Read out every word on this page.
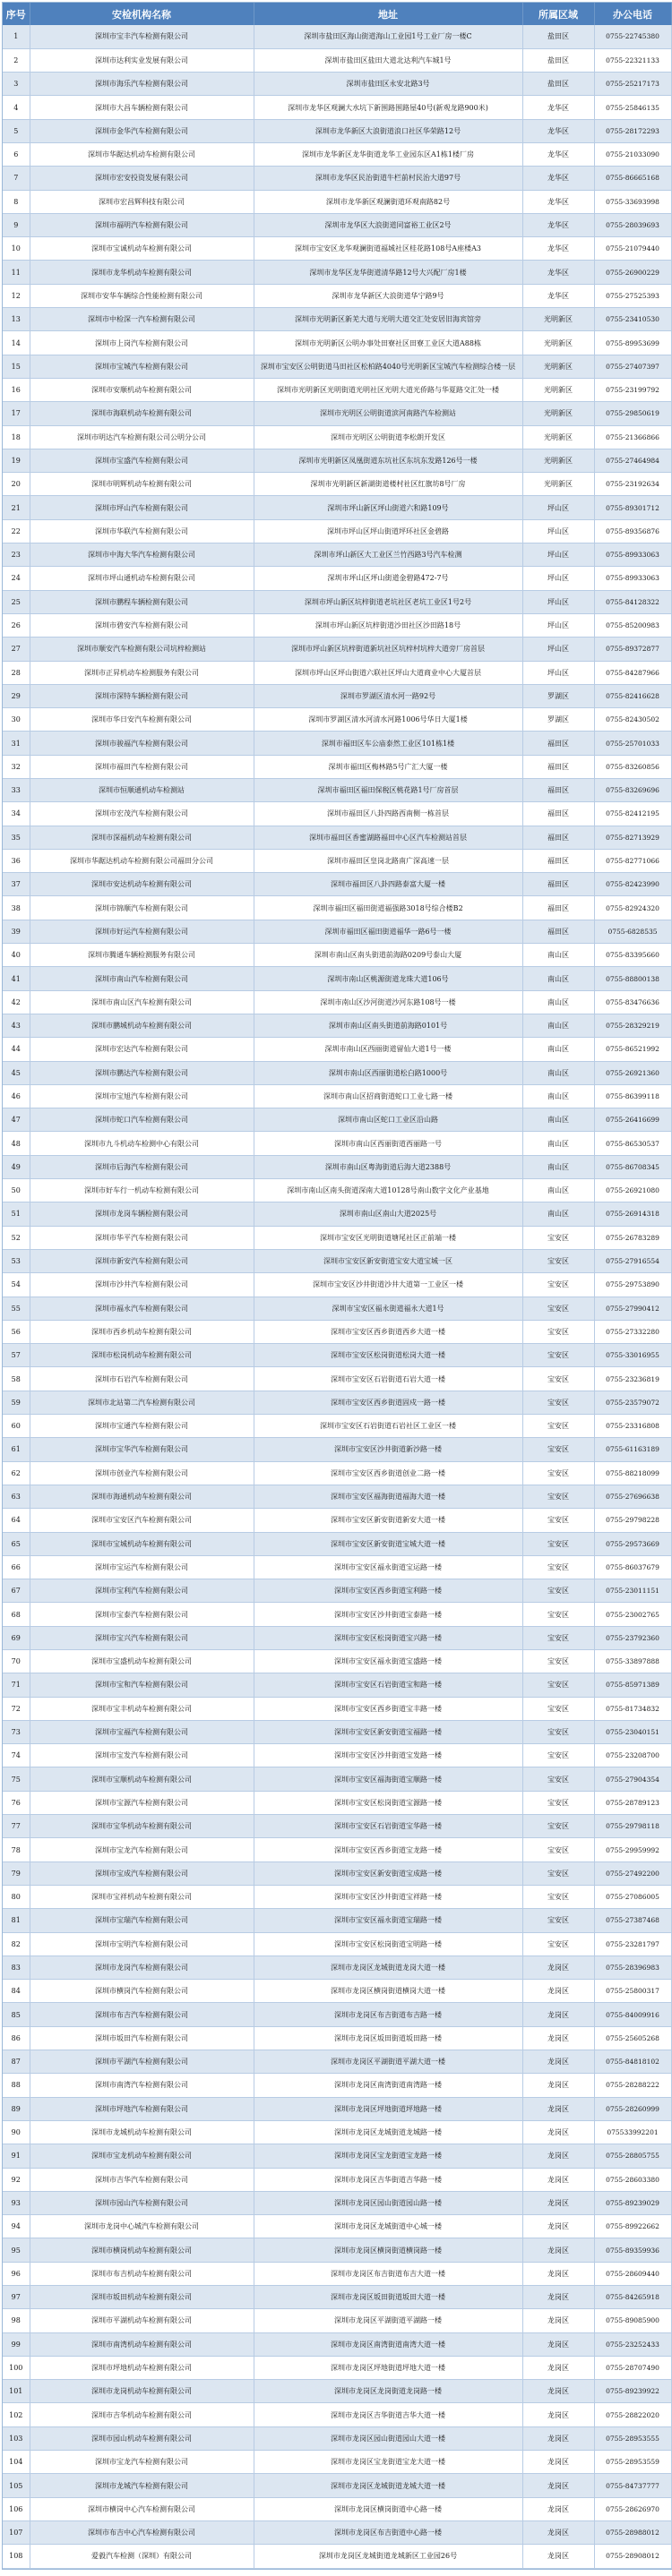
序号	安检机构名称	地址	所属区域	办公电话
1	深圳市宝丰汽车检测有限公司	深圳市盐田区海山街道海山工业园1号工业厂房一楼C	盐田区	0755-22745380
2	深圳市达利实业发展有限公司	深圳市盐田区盐田大道北达利汽车城1号	盐田区	0755-22321133
3	深圳市海乐汽车检测有限公司	深圳市盐田区永安北路3号	盐田区	0755-25217173
4	深圳市大昌车辆检测有限公司	深圳市龙华区观澜大水坑下新围路围路屋40号(新观龙路900米)	龙华区	0755-25846135
5	深圳市金华汽车检测有限公司	深圳市龙华新区大浪街道浪口社区华荣路12号	龙华区	0755-28172293
6	深圳市华踞达机动车检测有限公司	深圳市龙华新区龙华街道龙华工业园东区A1栋1楼厂房	龙华区	0755-21033090
7	深圳市宏安投资发展有限公司	深圳市龙华区民治街道牛栏前村民治大道97号	龙华区	0755-86665168
8	深圳市宏昌辉科技有限公司	深圳市龙华新区观澜街道环观南路82号	龙华区	0755-33693998
9	深圳市福明汽车检测有限公司	深圳市龙华区大浪街道同富裕工业区2号	龙华区	0755-28039693
10	深圳市宝诚机动车检测有限公司	深圳市宝安区龙华观澜街道福城社区桂花路108号A座楼A3	龙华区	0755-21079440
11	深圳市龙华机动车检测有限公司	深圳市龙华区龙华街道清华路12号大兴配厂房1楼	龙华区	0755-26900229
12	深圳市安华车辆综合性能检测有限公司	深圳市龙华新区大浪街道华宁路9号	龙华区	0755-27525393
13	深圳市中检深一汽车检测有限公司	深圳市光明新区新羌大道与光明大道交汇处安居旧海宾馆旁	光明新区	0755-23410530
14	深圳市上岗汽车检测有限公司	深圳市光明新区公明办事处田寮社区田寮工业区大道A88栋	光明新区	0755-89953699
15	深圳市宝城汽车检测有限公司	深圳市宝安区公明街道马田社区松柏路4040号光明新区宝城汽车检测综合楼一层	光明新区	0755-27407397
16	深圳市安顺机动车检测有限公司	深圳市光明新区光明街道光明社区光明大道光侨路与华夏路交汇处一楼	光明新区	0755-23199792
17	深圳市海联机动车检测有限公司	深圳市光明区公明街道滨河南路汽车检测站	光明新区	0755-29850619
18	深圳市明达汽车检测有限公司公明分公司	深圳市光明区公明街道李松朗开发区	光明新区	0755-21366866
19	深圳市宝盛汽车检测有限公司	深圳市光明新区凤凰街道东坑社区东坑东发路126号一楼	光明新区	0755-27464984
20	深圳市明辉机动车检测有限公司	深圳市光明新区新湖街道楼村社区红旗坊8号厂房	光明新区	0755-23192634
21	深圳市坪山汽车检测有限公司	深圳市坪山新区坪山街道六和路109号	坪山区	0755-89301712
22	深圳市华联汽车检测有限公司	深圳市坪山区坪山街道坪环社区金碧路	坪山区	0755-89356876
23	深圳市中海大华汽车检测有限公司	深圳市坪山新区大工业区兰竹西路3号汽车检测	坪山区	0755-89933063
24	深圳市坪山通机动车检测有限公司	深圳市坪山区坪山街道金碧路472-7号	坪山区	0755-89933063
25	深圳市鹏程车辆检测有限公司	深圳市坪山新区坑梓街道老坑社区老坑工业区1号2号	坪山区	0755-84128322
26	深圳市碧安汽车检测有限公司	深圳市坪山新区坑梓街道沙田社区沙田路18号	坪山区	0755-85200983
27	深圳市顺安汽车检测有限公司坑梓检测站	深圳市坪山新区坑梓街道新坑社区坑梓村坑梓大道旁厂房首层	坪山区	0755-89372877
28	深圳市正昇机动车检测服务有限公司	深圳市坪山区坪山街道六联社区坪山大道商业中心大厦首层	坪山区	0755-84287966
29	深圳市深特车辆检测有限公司	深圳市罗湖区清水河一路92号	罗湖区	0755-82416628
30	深圳市华日安汽车检测有限公司	深圳市罗湖区清水河清水河路1006号华日大厦1楼	罗湖区	0755-82430502
31	深圳市骏福汽车检测有限公司	深圳市福田区车公庙泰然工业区101栋1楼	福田区	0755-25701033
32	深圳市福田汽车检测有限公司	深圳市福田区梅林路5号广汇大厦一楼	福田区	0755-83260856
33	深圳市恒顺通机动车检测站	深圳市福田区福田保税区桃花路1号厂房首层	福田区	0755-83269696
34	深圳市宏茂汽车检测有限公司	深圳市福田区八卦四路西南侧一栋首层	福田区	0755-82412195
35	深圳市深福机动车检测有限公司	深圳市福田区香蜜湖路福田中心区汽车检测站首层	福田区	0755-82713929
36	深圳市华踞达机动车检测有限公司福田分公司	深圳市福田区皇岗北路南广深高速一层	福田区	0755-82771066
37	深圳市安达机动车检测有限公司	深圳市福田区八卦四路泰富大厦一楼	福田区	0755-82423990
38	深圳市锦顺汽车检测有限公司	深圳市福田区福田街道福强路3018号综合楼B2	福田区	0755-82924320
39	深圳市好运汽车检测有限公司	深圳市福田区福田街道福华一路6号一楼	福田区	0755-6828535
40	深圳市腾通车辆检测服务有限公司	深圳市南山区南头街道前海路0209号泰山大厦	南山区	0755-83395660
41	深圳市南山汽车检测有限公司	深圳市南山区桃源街道龙珠大道106号	南山区	0755-88800138
42	深圳市南山区汽车检测有限公司	深圳市南山区沙河街道沙河东路108号一楼	南山区	0755-83476636
43	深圳市鹏城机动车检测有限公司	深圳市南山区南头街道前海路0101号	南山区	0755-28329219
44	深圳市宏达汽车检测有限公司	深圳市南山区西丽街道留仙大道1号一楼	南山区	0755-86521992
45	深圳市鹏达汽车检测有限公司	深圳市南山区西丽街道松白路1000号	南山区	0755-26921360
46	深圳市宝旭汽车检测有限公司	深圳市南山区招商街道蛇口工业七路一楼	南山区	0755-86399118
47	深圳市蛇口汽车检测有限公司	深圳市南山区蛇口工业区沿山路	南山区	0755-26416699
48	深圳市九斗机动车检测中心有限公司	深圳市南山区西丽街道西丽路一号	南山区	0755-86530537
49	深圳市后海汽车检测有限公司	深圳市南山区粤海街道后海大道2388号	南山区	0755-86708345
50	深圳市好车行一机动车检测有限公司	深圳市南山区南头街道深南大道10128号南山数字文化产业基地	南山区	0755-26921080
51	深圳市龙岗车辆检测有限公司	深圳市南山区南山大道2025号	南山区	0755-26914318
52	深圳市华平汽车检测有限公司	深圳市宝安区光明街道塘尾社区正前端一楼	宝安区	0755-26783289
53	深圳市新安汽车检测有限公司	深圳市宝安区新安街道宝安大道宝城一区	宝安区	0755-27916554
54	深圳市沙井汽车检测有限公司	深圳市宝安区沙井街道沙井大道第一工业区一楼	宝安区	0755-29753890
55	深圳市福永汽车检测有限公司	深圳市宝安区福永街道福永大道1号	宝安区	0755-27990412
56	深圳市西乡机动车检测有限公司	深圳市宝安区西乡街道西乡大道一楼	宝安区	0755-27332280
57	深圳市松岗机动车检测有限公司	深圳市宝安区松岗街道松岗大道一楼	宝安区	0755-33016955
58	深圳市石岩汽车检测有限公司	深圳市宝安区石岩街道石岩大道一楼	宝安区	0755-23236819
59	深圳市北站第二汽车检测有限公司	深圳市宝安区西乡街道固戍一路一楼	宝安区	0755-23579072
60	深圳市宝通汽车检测有限公司	深圳市宝安区石岩街道石岩社区工业区一楼	宝安区	0755-23316808
61	深圳市宝华汽车检测有限公司	深圳市宝安区沙井街道新沙路一楼	宝安区	0755-61163189
62	深圳市创业汽车检测有限公司	深圳市宝安区西乡街道创业二路一楼	宝安区	0755-88218099
63	深圳市海通机动车检测有限公司	深圳市宝安区福海街道福海大道一楼	宝安区	0755-27696638
64	深圳市宝安区汽车检测有限公司	深圳市宝安区新安街道新安大道一楼	宝安区	0755-29798228
65	深圳市宝城机动车检测有限公司	深圳市宝安区新安街道宝城大道一楼	宝安区	0755-29573669
66	深圳市宝运汽车检测有限公司	深圳市宝安区福永街道宝运路一楼	宝安区	0755-86037679
67	深圳市宝利汽车检测有限公司	深圳市宝安区西乡街道宝利路一楼	宝安区	0755-23011151
68	深圳市宝泰汽车检测有限公司	深圳市宝安区沙井街道宝泰路一楼	宝安区	0755-23002765
69	深圳市宝兴汽车检测有限公司	深圳市宝安区松岗街道宝兴路一楼	宝安区	0755-23792360
70	深圳市宝盛机动车检测有限公司	深圳市宝安区福永街道宝盛路一楼	宝安区	0755-33897888
71	深圳市宝和汽车检测有限公司	深圳市宝安区石岩街道宝和路一楼	宝安区	0755-85971389
72	深圳市宝丰机动车检测有限公司	深圳市宝安区西乡街道宝丰路一楼	宝安区	0755-81734832
73	深圳市宝福汽车检测有限公司	深圳市宝安区新安街道宝福路一楼	宝安区	0755-23040151
74	深圳市宝发汽车检测有限公司	深圳市宝安区沙井街道宝发路一楼	宝安区	0755-23208700
75	深圳市宝顺机动车检测有限公司	深圳市宝安区福海街道宝顺路一楼	宝安区	0755-27904354
76	深圳市宝源汽车检测有限公司	深圳市宝安区松岗街道宝源路一楼	宝安区	0755-28789123
77	深圳市宝华机动车检测有限公司	深圳市宝安区石岩街道宝华路一楼	宝安区	0755-29798118
78	深圳市宝龙汽车检测有限公司	深圳市宝安区西乡街道宝龙路一楼	宝安区	0755-29959992
79	深圳市宝成汽车检测有限公司	深圳市宝安区新安街道宝成路一楼	宝安区	0755-27492200
80	深圳市宝祥机动车检测有限公司	深圳市宝安区沙井街道宝祥路一楼	宝安区	0755-27086005
81	深圳市宝瑞汽车检测有限公司	深圳市宝安区福永街道宝瑞路一楼	宝安区	0755-27387468
82	深圳市宝明汽车检测有限公司	深圳市宝安区松岗街道宝明路一楼	宝安区	0755-23281797
83	深圳市龙岗汽车检测有限公司	深圳市龙岗区龙城街道龙岗大道一楼	龙岗区	0755-28396983
84	深圳市横岗汽车检测有限公司	深圳市龙岗区横岗街道横岗大道一楼	龙岗区	0755-25800317
85	深圳市布吉汽车检测有限公司	深圳市龙岗区布吉街道布吉路一楼	龙岗区	0755-84009916
86	深圳市坂田汽车检测有限公司	深圳市龙岗区坂田街道坂田路一楼	龙岗区	0755-25605268
87	深圳市平湖汽车检测有限公司	深圳市龙岗区平湖街道平湖大道一楼	龙岗区	0755-84818102
88	深圳市南湾汽车检测有限公司	深圳市龙岗区南湾街道南湾路一楼	龙岗区	0755-28288222
89	深圳市坪地汽车检测有限公司	深圳市龙岗区坪地街道坪地路一楼	龙岗区	0755-28260999
90	深圳市龙城机动车检测有限公司	深圳市龙岗区龙城街道龙城路一楼	龙岗区	075533992201
91	深圳市宝龙机动车检测有限公司	深圳市龙岗区宝龙街道宝龙路一楼	龙岗区	0755-28805755
92	深圳市吉华汽车检测有限公司	深圳市龙岗区吉华街道吉华路一楼	龙岗区	0755-28603380
93	深圳市园山汽车检测有限公司	深圳市龙岗区园山街道园山路一楼	龙岗区	0755-89239029
94	深圳市龙岗中心城汽车检测有限公司	深圳市龙岗区龙城街道中心城一楼	龙岗区	0755-89922662
95	深圳市横岗机动车检测有限公司	深圳市龙岗区横岗街道横岗路一楼	龙岗区	0755-89359936
96	深圳市布吉机动车检测有限公司	深圳市龙岗区布吉街道布吉大道一楼	龙岗区	0755-28609440
97	深圳市坂田机动车检测有限公司	深圳市龙岗区坂田街道坂田大道一楼	龙岗区	0755-84265918
98	深圳市平湖机动车检测有限公司	深圳市龙岗区平湖街道平湖路一楼	龙岗区	0755-89085900
99	深圳市南湾机动车检测有限公司	深圳市龙岗区南湾街道南湾大道一楼	龙岗区	0755-23252433
100	深圳市坪地机动车检测有限公司	深圳市龙岗区坪地街道坪地大道一楼	龙岗区	0755-28707490
101	深圳市龙岗机动车检测有限公司	深圳市龙岗区龙岗街道龙岗路一楼	龙岗区	0755-89239922
102	深圳市吉华机动车检测有限公司	深圳市龙岗区吉华街道吉华大道一楼	龙岗区	0755-28822020
103	深圳市园山机动车检测有限公司	深圳市龙岗区园山街道园山大道一楼	龙岗区	0755-28953555
104	深圳市宝龙汽车检测有限公司	深圳市龙岗区宝龙街道宝龙大道一楼	龙岗区	0755-28953559
105	深圳市龙城汽车检测有限公司	深圳市龙岗区龙城街道龙城大道一楼	龙岗区	0755-84737777
106	深圳市横岗中心汽车检测有限公司	深圳市龙岗区横岗街道中心路一楼	龙岗区	0755-28626970
107	深圳市布吉中心汽车检测有限公司	深圳市龙岗区布吉街道中心路一楼	龙岗区	0755-28988012
108	爱毅汽车检测（深圳）有限公司	深圳市龙岗区龙城街道龙城新区工业园26号	龙岗区	0755-28908012
